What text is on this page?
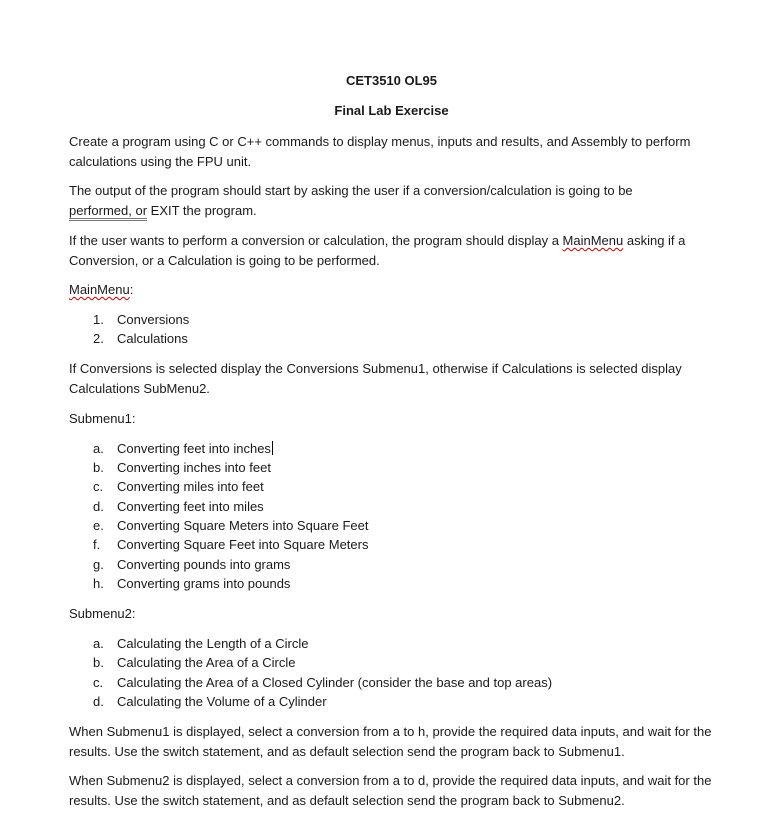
CET3510 OL95
Final Lab Exercise

Create a program using C or C++ commands to display menus, inputs and results, and Assembly to perform calculations using the FPU unit.

The output of the program should start by asking the user if a conversion/calculation is going to be
performed, or EXIT the program.

If the user wants to perform a conversion or calculation, the program should display a MainMenu asking if a Conversion, or a Calculation is going to be performed.

MainMenu:

1.	Conversions
2.	Calculations

If Conversions is selected display the Conversions Submenu1, otherwise if Calculations is selected display Calculations SubMenu2.

Submenu1:

a.	Converting feet into inches
b.	Converting inches into feet
c.	Converting miles into feet
d.	Converting feet into miles
e.	Converting Square Meters into Square Feet
f.	Converting Square Feet into Square Meters
g.	Converting pounds into grams
h.	Converting grams into pounds

Submenu2:

a.	Calculating the Length of a Circle
b.	Calculating the Area of a Circle
c.	Calculating the Area of a Closed Cylinder (consider the base and top areas)
d.	Calculating the Volume of a Cylinder

When Submenu1 is displayed, select a conversion from a to h, provide the required data inputs, and wait for the results. Use the switch statement, and as default selection send the program back to Submenu1.

When Submenu2 is displayed, select a conversion from a to d, provide the required data inputs, and wait for the results. Use the switch statement, and as default selection send the program back to Submenu2.
